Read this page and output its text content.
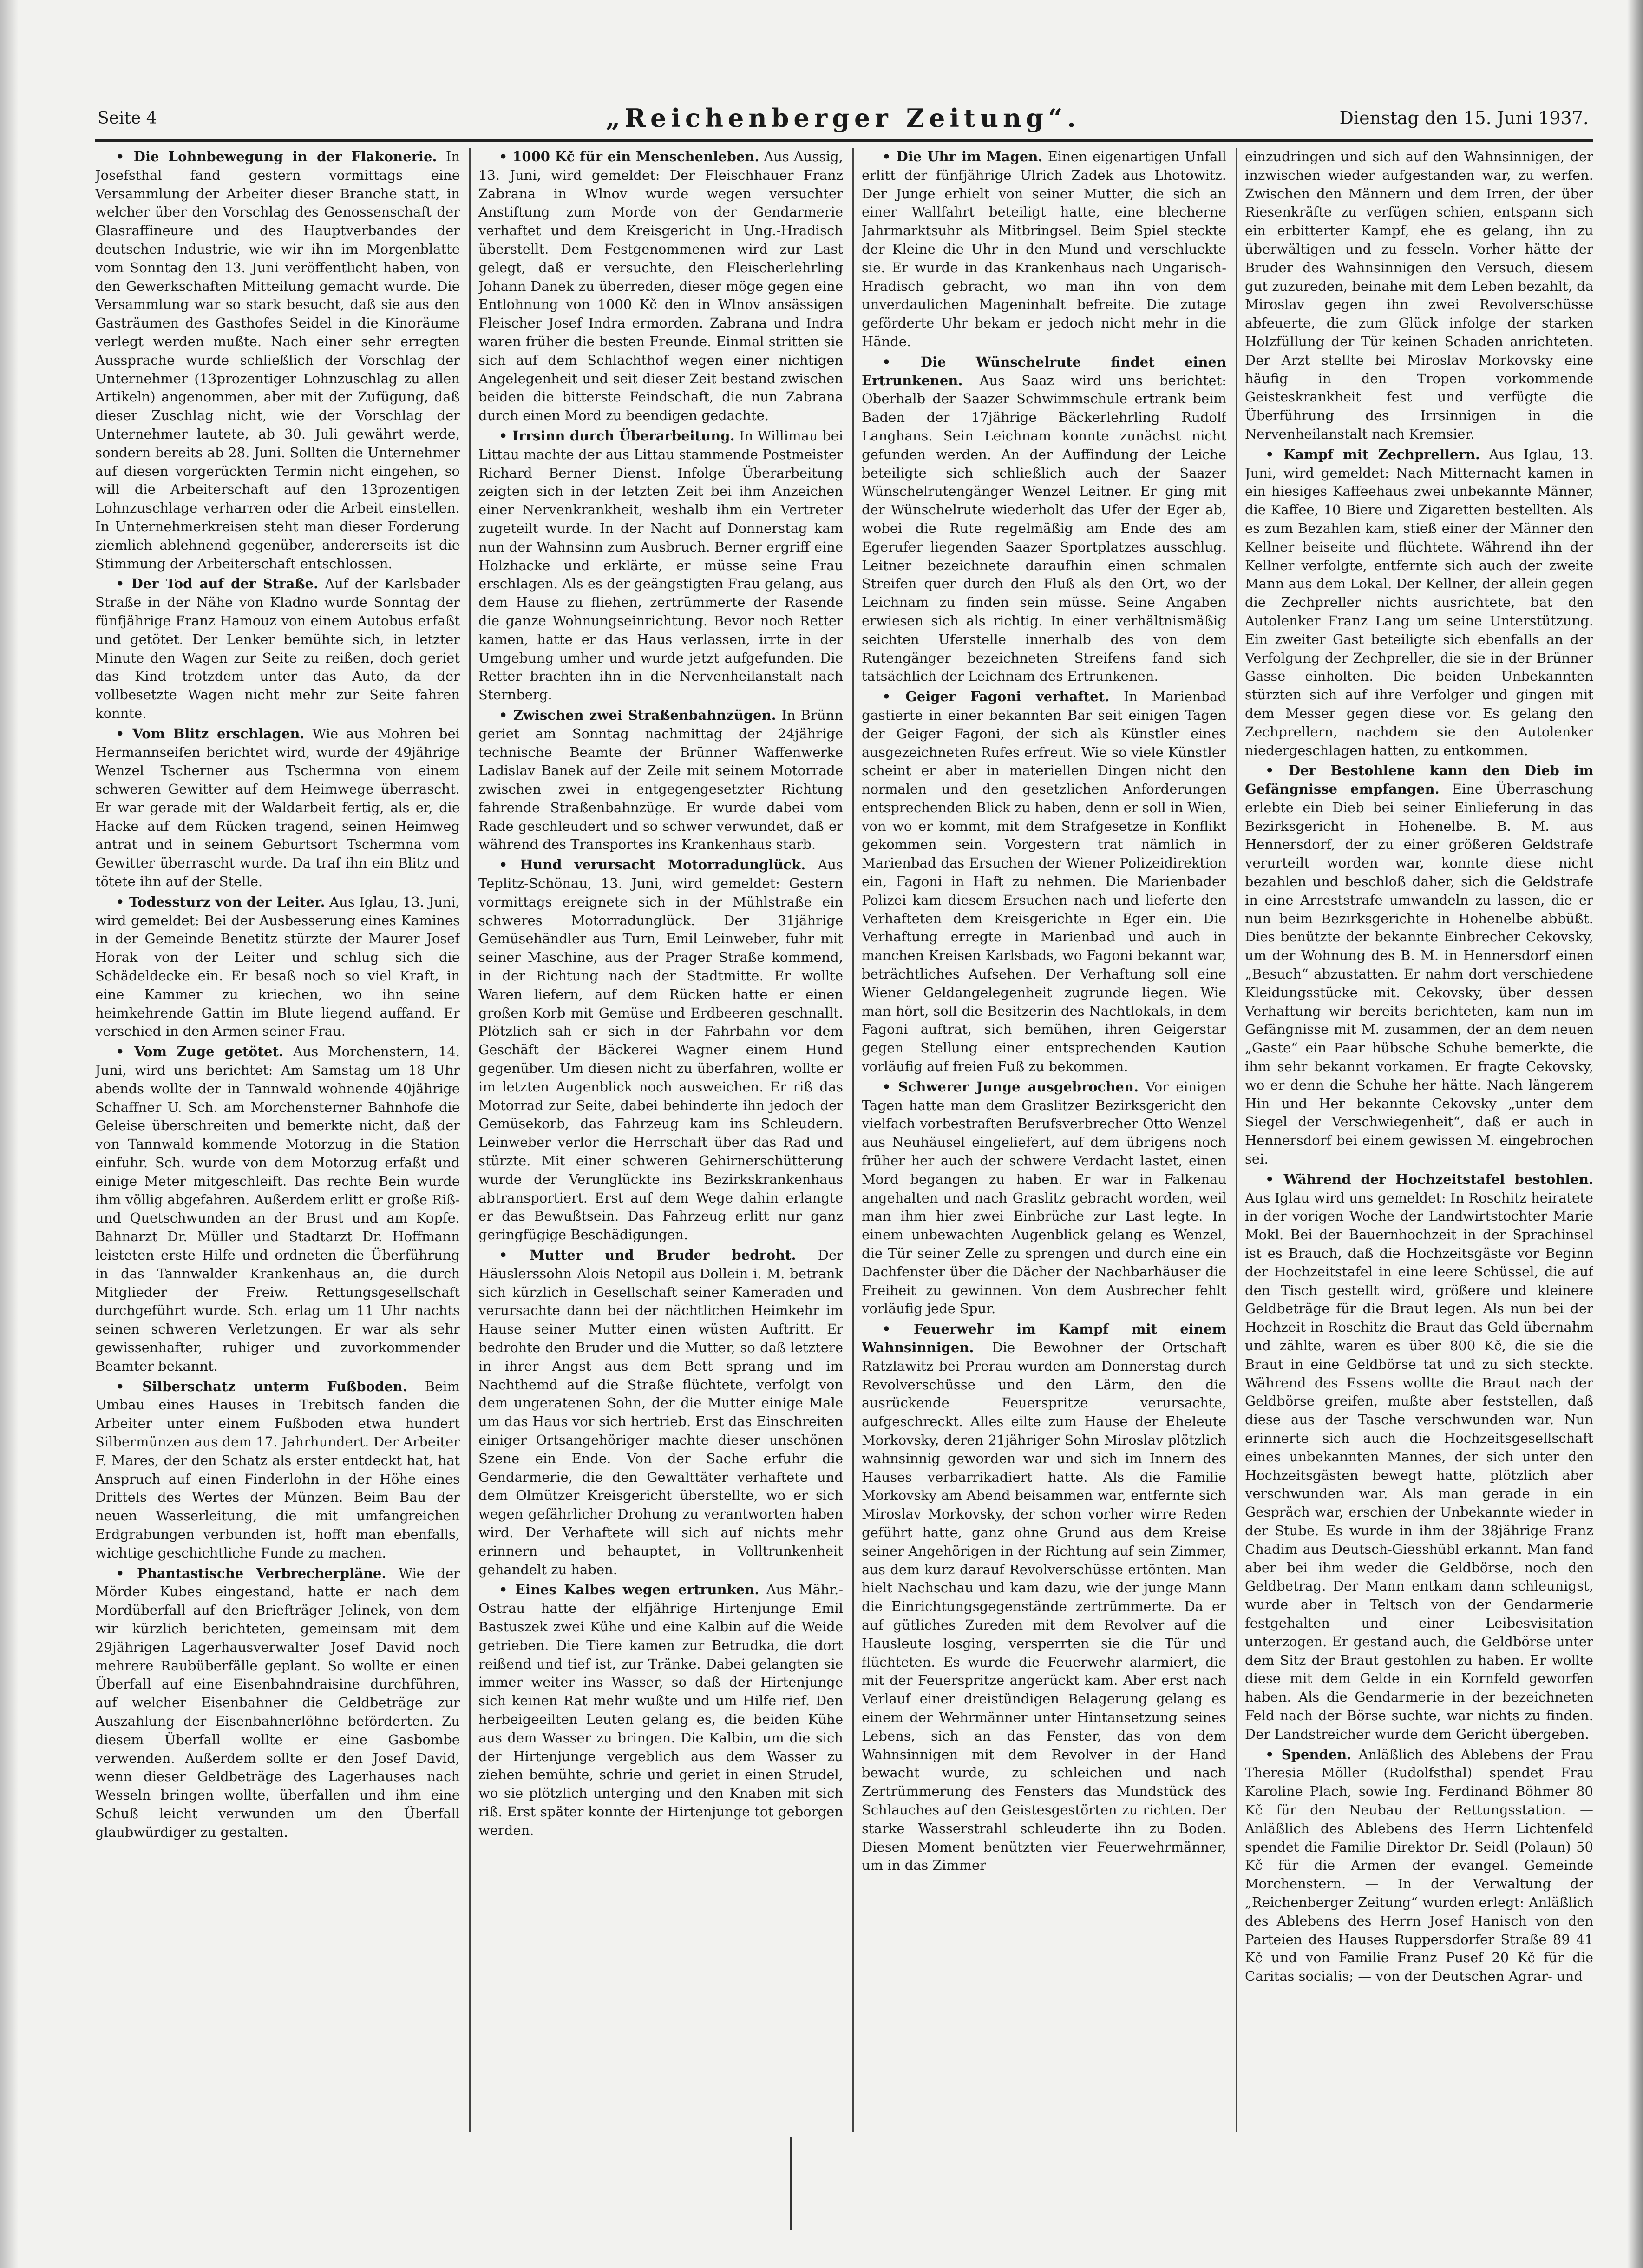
Seite 4	„Reichenberger Zeitung“.	Dienstag den 15. Juni 1937.

• Die Lohnbewegung in der Flakonerie. In Josefsthal fand gestern vormittags eine Versammlung der Arbeiter dieser Branche statt, in welcher über den Vorschlag des Genossenschaft der Glasraffineure und des Hauptverbandes der deutschen Industrie, wie wir ihn im Morgenblatte vom Sonntag den 13. Juni veröffentlicht haben, von den Gewerkschaften Mitteilung gemacht wurde. Die Versammlung war so stark besucht, daß sie aus den Gasträumen des Gasthofes Seidel in die Kinoräume verlegt werden mußte. Nach einer sehr erregten Aussprache wurde schließlich der Vorschlag der Unternehmer (13prozentiger Lohnzuschlag zu allen Artikeln) angenommen, aber mit der Zufügung, daß dieser Zuschlag nicht, wie der Vorschlag der Unternehmer lautete, ab 30. Juli gewährt werde, sondern bereits ab 28. Juni. Sollten die Unternehmer auf diesen vorgerückten Termin nicht eingehen, so will die Arbeiterschaft auf den 13prozentigen Lohnzuschlage verharren oder die Arbeit einstellen. In Unternehmerkreisen steht man dieser Forderung ziemlich ablehnend gegenüber, andererseits ist die Stimmung der Arbeiterschaft entschlossen.

• Der Tod auf der Straße. Auf der Karlsbader Straße in der Nähe von Kladno wurde Sonntag der fünfjährige Franz Hamouz von einem Autobus erfaßt und getötet. Der Lenker bemühte sich, in letzter Minute den Wagen zur Seite zu reißen, doch geriet das Kind trotzdem unter das Auto, da der vollbesetzte Wagen nicht mehr zur Seite fahren konnte.

• Vom Blitz erschlagen. Wie aus Mohren bei Hermannseifen berichtet wird, wurde der 49jährige Wenzel Tscherner aus Tschermna von einem schweren Gewitter auf dem Heimwege überrascht. Er war gerade mit der Waldarbeit fertig, als er, die Hacke auf dem Rücken tragend, seinen Heimweg antrat und in seinem Geburtsort Tschermna vom Gewitter überrascht wurde. Da traf ihn ein Blitz und tötete ihn auf der Stelle.

• Todessturz von der Leiter. Aus Iglau, 13. Juni, wird gemeldet: Bei der Ausbesserung eines Kamines in der Gemeinde Benetitz stürzte der Maurer Josef Horak von der Leiter und schlug sich die Schädeldecke ein. Er besaß noch so viel Kraft, in eine Kammer zu kriechen, wo ihn seine heimkehrende Gattin im Blute liegend auffand. Er verschied in den Armen seiner Frau.

• Vom Zuge getötet. Aus Morchenstern, 14. Juni, wird uns berichtet: Am Samstag um 18 Uhr abends wollte der in Tannwald wohnende 40jährige Schaffner U. Sch. am Morchensterner Bahnhofe die Geleise überschreiten und bemerkte nicht, daß der von Tannwald kommende Motorzug in die Station einfuhr. Sch. wurde von dem Motorzug erfaßt und einige Meter mitgeschleift. Das rechte Bein wurde ihm völlig abgefahren. Außerdem erlitt er große Riß- und Quetschwunden an der Brust und am Kopfe. Bahnarzt Dr. Müller und Stadtarzt Dr. Hoffmann leisteten erste Hilfe und ordneten die Überführung in das Tannwalder Krankenhaus an, die durch Mitglieder der Freiw. Rettungsgesellschaft durchgeführt wurde. Sch. erlag um 11 Uhr nachts seinen schweren Verletzungen. Er war als sehr gewissenhafter, ruhiger und zuvorkommender Beamter bekannt.

• Silberschatz unterm Fußboden. Beim Umbau eines Hauses in Trebitsch fanden die Arbeiter unter einem Fußboden etwa hundert Silbermünzen aus dem 17. Jahrhundert. Der Arbeiter F. Mares, der den Schatz als erster entdeckt hat, hat Anspruch auf einen Finderlohn in der Höhe eines Drittels des Wertes der Münzen. Beim Bau der neuen Wasserleitung, die mit umfangreichen Erdgrabungen verbunden ist, hofft man ebenfalls, wichtige geschichtliche Funde zu machen.

• Phantastische Verbrecherpläne. Wie der Mörder Kubes eingestand, hatte er nach dem Mordüberfall auf den Briefträger Jelinek, von dem wir kürzlich berichteten, gemeinsam mit dem 29jährigen Lagerhausverwalter Josef David noch mehrere Raubüberfälle geplant. So wollte er einen Überfall auf eine Eisenbahndraisine durchführen, auf welcher Eisenbahner die Geldbeträge zur Auszahlung der Eisenbahnerlöhne beförderten. Zu diesem Überfall wollte er eine Gasbombe verwenden. Außerdem sollte er den Josef David, wenn dieser Geldbeträge des Lagerhauses nach Wesseln bringen wollte, überfallen und ihm eine Schuß leicht verwunden um den Überfall glaubwürdiger zu gestalten.

• 1000 Kč für ein Menschenleben. Aus Aussig, 13. Juni, wird gemeldet: Der Fleischhauer Franz Zabrana in Wlnov wurde wegen versuchter Anstiftung zum Morde von der Gendarmerie verhaftet und dem Kreisgericht in Ung.-Hradisch überstellt. Dem Festgenommenen wird zur Last gelegt, daß er versuchte, den Fleischerlehrling Johann Danek zu überreden, dieser möge gegen eine Entlohnung von 1000 Kč den in Wlnov ansässigen Fleischer Josef Indra ermorden. Zabrana und Indra waren früher die besten Freunde. Einmal stritten sie sich auf dem Schlachthof wegen einer nichtigen Angelegenheit und seit dieser Zeit bestand zwischen beiden die bitterste Feindschaft, die nun Zabrana durch einen Mord zu beendigen gedachte.

• Irrsinn durch Überarbeitung. In Willimau bei Littau machte der aus Littau stammende Postmeister Richard Berner Dienst. Infolge Überarbeitung zeigten sich in der letzten Zeit bei ihm Anzeichen einer Nervenkrankheit, weshalb ihm ein Vertreter zugeteilt wurde. In der Nacht auf Donnerstag kam nun der Wahnsinn zum Ausbruch. Berner ergriff eine Holzhacke und erklärte, er müsse seine Frau erschlagen. Als es der geängstigten Frau gelang, aus dem Hause zu fliehen, zertrümmerte der Rasende die ganze Wohnungseinrichtung. Bevor noch Retter kamen, hatte er das Haus verlassen, irrte in der Umgebung umher und wurde jetzt aufgefunden. Die Retter brachten ihn in die Nervenheilanstalt nach Sternberg.

• Zwischen zwei Straßenbahnzügen. In Brünn geriet am Sonntag nachmittag der 24jährige technische Beamte der Brünner Waffenwerke Ladislav Banek auf der Zeile mit seinem Motorrade zwischen zwei in entgegengesetzter Richtung fahrende Straßenbahnzüge. Er wurde dabei vom Rade geschleudert und so schwer verwundet, daß er während des Transportes ins Krankenhaus starb.

• Hund verursacht Motorradunglück. Aus Teplitz-Schönau, 13. Juni, wird gemeldet: Gestern vormittags ereignete sich in der Mühlstraße ein schweres Motorradunglück. Der 31jährige Gemüsehändler aus Turn, Emil Leinweber, fuhr mit seiner Maschine, aus der Prager Straße kommend, in der Richtung nach der Stadtmitte. Er wollte Waren liefern, auf dem Rücken hatte er einen großen Korb mit Gemüse und Erdbeeren geschnallt. Plötzlich sah er sich in der Fahrbahn vor dem Geschäft der Bäckerei Wagner einem Hund gegenüber. Um diesen nicht zu überfahren, wollte er im letzten Augenblick noch ausweichen. Er riß das Motorrad zur Seite, dabei behinderte ihn jedoch der Gemüsekorb, das Fahrzeug kam ins Schleudern. Leinweber verlor die Herrschaft über das Rad und stürzte. Mit einer schweren Gehirnerschütterung wurde der Verunglückte ins Bezirkskrankenhaus abtransportiert. Erst auf dem Wege dahin erlangte er das Bewußtsein. Das Fahrzeug erlitt nur ganz geringfügige Beschädigungen.

• Mutter und Bruder bedroht. Der Häuslerssohn Alois Netopil aus Dollein i. M. betrank sich kürzlich in Gesellschaft seiner Kameraden und verursachte dann bei der nächtlichen Heimkehr im Hause seiner Mutter einen wüsten Auftritt. Er bedrohte den Bruder und die Mutter, so daß letztere in ihrer Angst aus dem Bett sprang und im Nachthemd auf die Straße flüchtete, verfolgt von dem ungeratenen Sohn, der die Mutter einige Male um das Haus vor sich hertrieb. Erst das Einschreiten einiger Ortsangehöriger machte dieser unschönen Szene ein Ende. Von der Sache erfuhr die Gendarmerie, die den Gewalttäter verhaftete und dem Olmützer Kreisgericht überstellte, wo er sich wegen gefährlicher Drohung zu verantworten haben wird. Der Verhaftete will sich auf nichts mehr erinnern und behauptet, in Volltrunkenheit gehandelt zu haben.

• Eines Kalbes wegen ertrunken. Aus Mähr.-Ostrau hatte der elfjährige Hirtenjunge Emil Bastuszek zwei Kühe und eine Kalbin auf die Weide getrieben. Die Tiere kamen zur Betrudka, die dort reißend und tief ist, zur Tränke. Dabei gelangten sie immer weiter ins Wasser, so daß der Hirtenjunge sich keinen Rat mehr wußte und um Hilfe rief. Den herbeigeeilten Leuten gelang es, die beiden Kühe aus dem Wasser zu bringen. Die Kalbin, um die sich der Hirtenjunge vergeblich aus dem Wasser zu ziehen bemühte, schrie und geriet in einen Strudel, wo sie plötzlich unterging und den Knaben mit sich riß. Erst später konnte der Hirtenjunge tot geborgen werden.

• Die Uhr im Magen. Einen eigenartigen Unfall erlitt der fünfjährige Ulrich Zadek aus Lhotowitz. Der Junge erhielt von seiner Mutter, die sich an einer Wallfahrt beteiligt hatte, eine blecherne Jahrmarktsuhr als Mitbringsel. Beim Spiel steckte der Kleine die Uhr in den Mund und verschluckte sie. Er wurde in das Krankenhaus nach Ungarisch-Hradisch gebracht, wo man ihn von dem unverdaulichen Mageninhalt befreite. Die zutage geförderte Uhr bekam er jedoch nicht mehr in die Hände.

• Die Wünschelrute findet einen Ertrunkenen. Aus Saaz wird uns berichtet: Oberhalb der Saazer Schwimmschule ertrank beim Baden der 17jährige Bäckerlehrling Rudolf Langhans. Sein Leichnam konnte zunächst nicht gefunden werden. An der Auffindung der Leiche beteiligte sich schließlich auch der Saazer Wünschelrutengänger Wenzel Leitner. Er ging mit der Wünschelrute wiederholt das Ufer der Eger ab, wobei die Rute regelmäßig am Ende des am Egerufer liegenden Saazer Sportplatzes ausschlug. Leitner bezeichnete daraufhin einen schmalen Streifen quer durch den Fluß als den Ort, wo der Leichnam zu finden sein müsse. Seine Angaben erwiesen sich als richtig. In einer verhältnismäßig seichten Uferstelle innerhalb des von dem Rutengänger bezeichneten Streifens fand sich tatsächlich der Leichnam des Ertrunkenen.

• Geiger Fagoni verhaftet. In Marienbad gastierte in einer bekannten Bar seit einigen Tagen der Geiger Fagoni, der sich als Künstler eines ausgezeichneten Rufes erfreut. Wie so viele Künstler scheint er aber in materiellen Dingen nicht den normalen und den gesetzlichen Anforderungen entsprechenden Blick zu haben, denn er soll in Wien, von wo er kommt, mit dem Strafgesetze in Konflikt gekommen sein. Vorgestern trat nämlich in Marienbad das Ersuchen der Wiener Polizeidirektion ein, Fagoni in Haft zu nehmen. Die Marienbader Polizei kam diesem Ersuchen nach und lieferte den Verhafteten dem Kreisgerichte in Eger ein. Die Verhaftung erregte in Marienbad und auch in manchen Kreisen Karlsbads, wo Fagoni bekannt war, beträchtliches Aufsehen. Der Verhaftung soll eine Wiener Geldangelegenheit zugrunde liegen. Wie man hört, soll die Besitzerin des Nachtlokals, in dem Fagoni auftrat, sich bemühen, ihren Geigerstar gegen Stellung einer entsprechenden Kaution vorläufig auf freien Fuß zu bekommen.

• Schwerer Junge ausgebrochen. Vor einigen Tagen hatte man dem Graslitzer Bezirksgericht den vielfach vorbestraften Berufsverbrecher Otto Wenzel aus Neuhäusel eingeliefert, auf dem übrigens noch früher her auch der schwere Verdacht lastet, einen Mord begangen zu haben. Er war in Falkenau angehalten und nach Graslitz gebracht worden, weil man ihm hier zwei Einbrüche zur Last legte. In einem unbewachten Augenblick gelang es Wenzel, die Tür seiner Zelle zu sprengen und durch eine ein Dachfenster über die Dächer der Nachbarhäuser die Freiheit zu gewinnen. Von dem Ausbrecher fehlt vorläufig jede Spur.

• Feuerwehr im Kampf mit einem Wahnsinnigen. Die Bewohner der Ortschaft Ratzlawitz bei Prerau wurden am Donnerstag durch Revolverschüsse und den Lärm, den die ausrückende Feuerspritze verursachte, aufgeschreckt. Alles eilte zum Hause der Eheleute Morkovsky, deren 21jähriger Sohn Miroslav plötzlich wahnsinnig geworden war und sich im Innern des Hauses verbarrikadiert hatte. Als die Familie Morkovsky am Abend beisammen war, entfernte sich Miroslav Morkovsky, der schon vorher wirre Reden geführt hatte, ganz ohne Grund aus dem Kreise seiner Angehörigen in der Richtung auf sein Zimmer, aus dem kurz darauf Revolverschüsse ertönten. Man hielt Nachschau und kam dazu, wie der junge Mann die Einrichtungsgegenstände zertrümmerte. Da er auf gütliches Zureden mit dem Revolver auf die Hausleute losging, versperrten sie die Tür und flüchteten. Es wurde die Feuerwehr alarmiert, die mit der Feuerspritze angerückt kam. Aber erst nach Verlauf einer dreistündigen Belagerung gelang es einem der Wehrmänner unter Hintansetzung seines Lebens, sich an das Fenster, das von dem Wahnsinnigen mit dem Revolver in der Hand bewacht wurde, zu schleichen und nach Zertrümmerung des Fensters das Mundstück des Schlauches auf den Geistesgestörten zu richten. Der starke Wasserstrahl schleuderte ihn zu Boden. Diesen Moment benützten vier Feuerwehrmänner, um in das Zimmer

einzudringen und sich auf den Wahnsinnigen, der inzwischen wieder aufgestanden war, zu werfen. Zwischen den Männern und dem Irren, der über Riesenkräfte zu verfügen schien, entspann sich ein erbitterter Kampf, ehe es gelang, ihn zu überwältigen und zu fesseln. Vorher hätte der Bruder des Wahnsinnigen den Versuch, diesem gut zuzureden, beinahe mit dem Leben bezahlt, da Miroslav gegen ihn zwei Revolverschüsse abfeuerte, die zum Glück infolge der starken Holzfüllung der Tür keinen Schaden anrichteten. Der Arzt stellte bei Miroslav Morkovsky eine häufig in den Tropen vorkommende Geisteskrankheit fest und verfügte die Überführung des Irrsinnigen in die Nervenheilanstalt nach Kremsier.

• Kampf mit Zechprellern. Aus Iglau, 13. Juni, wird gemeldet: Nach Mitternacht kamen in ein hiesiges Kaffeehaus zwei unbekannte Männer, die Kaffee, 10 Biere und Zigaretten bestellten. Als es zum Bezahlen kam, stieß einer der Männer den Kellner beiseite und flüchtete. Während ihn der Kellner verfolgte, entfernte sich auch der zweite Mann aus dem Lokal. Der Kellner, der allein gegen die Zechpreller nichts ausrichtete, bat den Autolenker Franz Lang um seine Unterstützung. Ein zweiter Gast beteiligte sich ebenfalls an der Verfolgung der Zechpreller, die sie in der Brünner Gasse einholten. Die beiden Unbekannten stürzten sich auf ihre Verfolger und gingen mit dem Messer gegen diese vor. Es gelang den Zechprellern, nachdem sie den Autolenker niedergeschlagen hatten, zu entkommen.

• Der Bestohlene kann den Dieb im Gefängnisse empfangen. Eine Überraschung erlebte ein Dieb bei seiner Einlieferung in das Bezirksgericht in Hohenelbe. B. M. aus Hennersdorf, der zu einer größeren Geldstrafe verurteilt worden war, konnte diese nicht bezahlen und beschloß daher, sich die Geldstrafe in eine Arreststrafe umwandeln zu lassen, die er nun beim Bezirksgerichte in Hohenelbe abbüßt. Dies benützte der bekannte Einbrecher Cekovsky, um der Wohnung des B. M. in Hennersdorf einen „Besuch“ abzustatten. Er nahm dort verschiedene Kleidungsstücke mit. Cekovsky, über dessen Verhaftung wir bereits berichteten, kam nun im Gefängnisse mit M. zusammen, der an dem neuen „Gaste“ ein Paar hübsche Schuhe bemerkte, die ihm sehr bekannt vorkamen. Er fragte Cekovsky, wo er denn die Schuhe her hätte. Nach längerem Hin und Her bekannte Cekovsky „unter dem Siegel der Verschwiegenheit“, daß er auch in Hennersdorf bei einem gewissen M. eingebrochen sei.

• Während der Hochzeitstafel bestohlen. Aus Iglau wird uns gemeldet: In Roschitz heiratete in der vorigen Woche der Landwirtstochter Marie Mokl. Bei der Bauernhochzeit in der Sprachinsel ist es Brauch, daß die Hochzeitsgäste vor Beginn der Hochzeitstafel in eine leere Schüssel, die auf den Tisch gestellt wird, größere und kleinere Geldbeträge für die Braut legen. Als nun bei der Hochzeit in Roschitz die Braut das Geld übernahm und zählte, waren es über 800 Kč, die sie die Braut in eine Geldbörse tat und zu sich steckte. Während des Essens wollte die Braut nach der Geldbörse greifen, mußte aber feststellen, daß diese aus der Tasche verschwunden war. Nun erinnerte sich auch die Hochzeitsgesellschaft eines unbekannten Mannes, der sich unter den Hochzeitsgästen bewegt hatte, plötzlich aber verschwunden war. Als man gerade in ein Gespräch war, erschien der Unbekannte wieder in der Stube. Es wurde in ihm der 38jährige Franz Chadim aus Deutsch-Giesshübl erkannt. Man fand aber bei ihm weder die Geldbörse, noch den Geldbetrag. Der Mann entkam dann schleunigst, wurde aber in Teltsch von der Gendarmerie festgehalten und einer Leibesvisitation unterzogen. Er gestand auch, die Geldbörse unter dem Sitz der Braut gestohlen zu haben. Er wollte diese mit dem Gelde in ein Kornfeld geworfen haben. Als die Gendarmerie in der bezeichneten Feld nach der Börse suchte, war nichts zu finden. Der Landstreicher wurde dem Gericht übergeben.

• Spenden. Anläßlich des Ablebens der Frau Theresia Möller (Rudolfsthal) spendet Frau Karoline Plach, sowie Ing. Ferdinand Böhmer 80 Kč für den Neubau der Rettungsstation. — Anläßlich des Ablebens des Herrn Lichtenfeld spendet die Familie Direktor Dr. Seidl (Polaun) 50 Kč für die Armen der evangel. Gemeinde Morchenstern. — In der Verwaltung der „Reichenberger Zeitung“ wurden erlegt: Anläßlich des Ablebens des Herrn Josef Hanisch von den Parteien des Hauses Ruppersdorfer Straße 89 41 Kč und von Familie Franz Pusef 20 Kč für die Caritas socialis; — von der Deutschen Agrar- und
